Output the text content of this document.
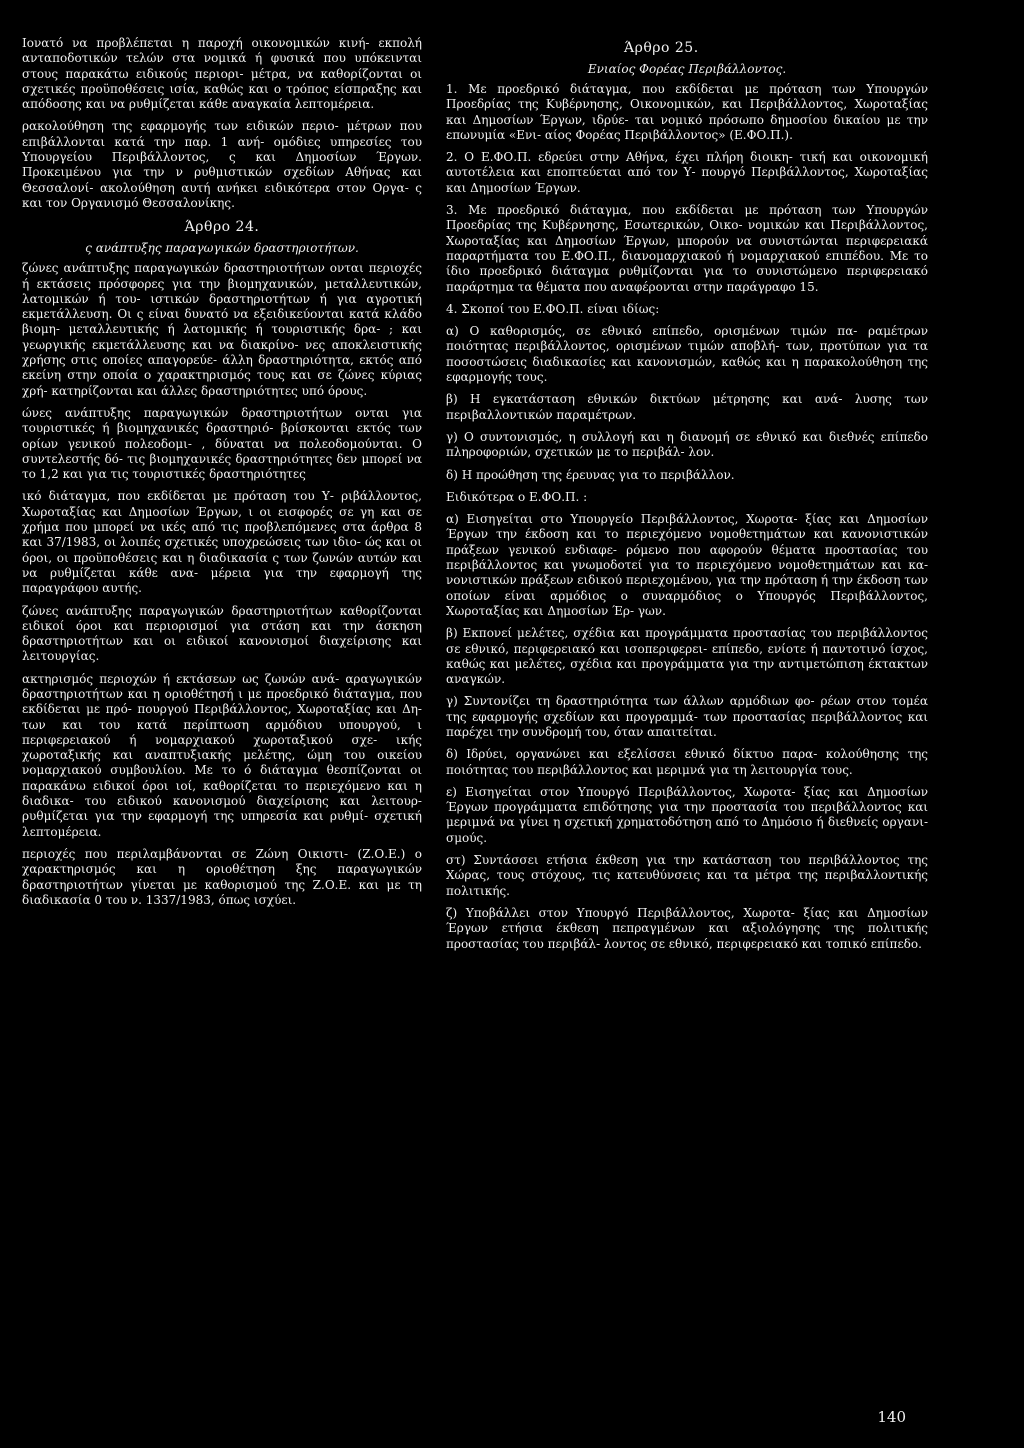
Ιονατό να προβλέπεται η παροχή οικονομικών κινή- εκπολή ανταποδοτικών τελών στα νομικά ή φυσικά που υπόκεινται στους παρακάτω ειδικούς περιορι- μέτρα, να καθορίζονται οι σχετικές προϋποθέσεις ισία, καθώς και ο τρόπος είσπραξης και απόδοσης και να ρυθμίζεται κάθε αναγκαία λεπτομέρεια.

ρακολούθηση της εφαρμογής των ειδικών περιο- μέτρων που επιβάλλονται κατά την παρ. 1 ανή- ομόδιες υπηρεσίες του Υπουργείου Περιβάλλοντος, ς και Δημοσίων Έργων. Προκειμένου για την ν ρυθμιστικών σχεδίων Αθήνας και Θεσσαλονί- ακολούθηση αυτή ανήκει ειδικότερα στον Οργα- ς και τον Οργανισμό Θεσσαλονίκης.

Άρθρο 24.
ς ανάπτυξης παραγωγικών δραστηριοτήτων.

ζώνες ανάπτυξης παραγωγικών δραστηριοτήτων ονται περιοχές ή εκτάσεις πρόσφορες για την βιομηχανικών, μεταλλευτικών, λατομικών ή του- ιστικών δραστηριοτήτων ή για αγροτική εκμετάλλευση. Οι ς είναι δυνατό να εξειδικεύονται κατά κλάδο βιομη- μεταλλευτικής ή λατομικής ή τουριστικής δρα- ; και γεωργικής εκμετάλλευσης και να διακρίνο- νες αποκλειστικής χρήσης στις οποίες απαγορεύε- άλλη δραστηριότητα, εκτός από εκείνη στην οποία ο χαρακτηρισμός τους και σε ζώνες κύριας χρή- κατηρίζονται και άλλες δραστηριότητες υπό όρους.

ώνες ανάπτυξης παραγωγικών δραστηριοτήτων ονται για τουριστικές ή βιομηχανικές δραστηριό- βρίσκονται εκτός των ορίων γενικού πολεοδομι- , δύναται να πολεοδομούνται. Ο συντελεστής δό- τις βιομηχανικές δραστηριότητες δεν μπορεί να το 1,2 και για τις τουριστικές δραστηριότητες

ικό διάταγμα, που εκδίδεται με πρόταση του Υ- ριβάλλοντος, Χωροταξίας και Δημοσίων Έργων, ι οι εισφορές σε γη και σε χρήμα που μπορεί να ικές από τις προβλεπόμενες στα άρθρα 8 και 37/1983, οι λοιπές σχετικές υποχρεώσεις των ιδιο- ώς και οι όροι, οι προϋποθέσεις και η διαδικασία ς των ζωνών αυτών και να ρυθμίζεται κάθε ανα- μέρεια για την εφαρμογή της παραγράφου αυτής.

ζώνες ανάπτυξης παραγωγικών δραστηριοτήτων καθορίζονται ειδικοί όροι και περιορισμοί για στάση και την άσκηση δραστηριοτήτων και οι ειδικοί κανονισμοί διαχείρισης και λειτουργίας.

ακτηρισμός περιοχών ή εκτάσεων ως ζωνών ανά- αραγωγικών δραστηριοτήτων και η οριοθέτησή ι με προεδρικό διάταγμα, που εκδίδεται με πρό- πουργού Περιβάλλοντος, Χωροταξίας και Δη- των και του κατά περίπτωση αρμόδιου υπουργού, ι περιφερειακού ή νομαρχιακού χωροταξικού σχε- ικής χωροταξικής και αναπτυξιακής μελέτης, ώμη του οικείου νομαρχιακού συμβουλίου. Με το ό διάταγμα θεσπίζονται οι παρακάνω ειδικοί όροι ιοί, καθορίζεται το περιεχόμενο και η διαδικα- του ειδικού κανονισμού διαχείρισης και λειτουρ- ρυθμίζεται για την εφαρμογή της υπηρεσία και ρυθμί- σχετική λεπτομέρεια.

περιοχές που περιλαμβάνονται σε Ζώνη Οικιστι- (Ζ.Ο.Ε.) ο χαρακτηρισμός και η οριοθέτηση ξης παραγωγικών δραστηριοτήτων γίνεται με καθορισμού της Ζ.Ο.Ε. και με τη διαδικασία 0 του ν. 1337/1983, όπως ισχύει.

Άρθρο 25.
Ενιαίος Φορέας Περιβάλλοντος.

1. Με προεδρικό διάταγμα, που εκδίδεται με πρόταση των Υπουργών Προεδρίας της Κυβέρνησης, Οικονομικών, και Περιβάλλοντος, Χωροταξίας και Δημοσίων Έργων, ιδρύε- ται νομικό πρόσωπο δημοσίου δικαίου με την επωνυμία «Ενι- αίος Φορέας Περιβάλλοντος» (Ε.ΦΟ.Π.).

2. Ο Ε.ΦΟ.Π. εδρεύει στην Αθήνα, έχει πλήρη διοικη- τική και οικονομική αυτοτέλεια και εποπτεύεται από τον Υ- πουργό Περιβάλλοντος, Χωροταξίας και Δημοσίων Έργων.

3. Με προεδρικό διάταγμα, που εκδίδεται με πρόταση των Υπουργών Προεδρίας της Κυβέρνησης, Εσωτερικών, Οικο- νομικών και Περιβάλλοντος, Χωροταξίας και Δημοσίων Έργων, μπορούν να συνιστώνται περιφερειακά παραρτήματα του Ε.ΦΟ.Π., διανομαρχιακού ή νομαρχιακού επιπέδου. Με το ίδιο προεδρικό διάταγμα ρυθμίζονται για το συνιστώμενο περιφερειακό παράρτημα τα θέματα που αναφέρονται στην παράγραφο 15.

4. Σκοποί του Ε.ΦΟ.Π. είναι ιδίως:

α) Ο καθορισμός, σε εθνικό επίπεδο, ορισμένων τιμών πα- ραμέτρων ποιότητας περιβάλλοντος, ορισμένων τιμών αποβλή- των, προτύπων για τα ποσοστώσεις διαδικασίες και κανονισμών, καθώς και η παρακολούθηση της εφαρμογής τους.

β) Η εγκατάσταση εθνικών δικτύων μέτρησης και ανά- λυσης των περιβαλλοντικών παραμέτρων.

γ) Ο συντονισμός, η συλλογή και η διανομή σε εθνικό και διεθνές επίπεδο πληροφοριών, σχετικών με το περιβάλ- λον.

δ) Η προώθηση της έρευνας για το περιβάλλον.

Ειδικότερα ο Ε.ΦΟ.Π. :

α) Εισηγείται στο Υπουργείο Περιβάλλοντος, Χωροτα- ξίας και Δημοσίων Έργων την έκδοση και το περιεχόμενο νομοθετημάτων και κανονιστικών πράξεων γενικού ενδιαφε- ρόμενο που αφορούν θέματα προστασίας του περιβάλλοντος και γνωμοδοτεί για το περιεχόμενο νομοθετημάτων και κα- νονιστικών πράξεων ειδικού περιεχομένου, για την πρόταση ή την έκδοση των οποίων είναι αρμόδιος ο συναρμόδιος ο Υπουργός Περιβάλλοντος, Χωροταξίας και Δημοσίων Έρ- γων.

β) Εκπονεί μελέτες, σχέδια και προγράμματα προστασίας του περιβάλλοντος σε εθνικό, περιφερειακό και ισοπεριφερει- επίπεδο, ενίοτε ή παντοτινό ίσχος, καθώς και μελέτες, σχέδια και προγράμματα για την αντιμετώπιση έκτακτων αναγκών.

γ) Συντονίζει τη δραστηριότητα των άλλων αρμόδιων φο- ρέων στον τομέα της εφαρμογής σχεδίων και προγραμμά- των προστασίας περιβάλλοντος και παρέχει την συνδρομή του, όταν απαιτείται.

δ) Ιδρύει, οργανώνει και εξελίσσει εθνικό δίκτυο παρα- κολούθησης της ποιότητας του περιβάλλοντος και μεριμνά για τη λειτουργία τους.

ε) Εισηγείται στον Υπουργό Περιβάλλοντος, Χωροτα- ξίας και Δημοσίων Έργων προγράμματα επιδότησης για την προστασία του περιβάλλοντος και μεριμνά να γίνει η σχετική χρηματοδότηση από το Δημόσιο ή διεθνείς οργανι- σμούς.

στ) Συντάσσει ετήσια έκθεση για την κατάσταση του περιβάλλοντος της Χώρας, τους στόχους, τις κατευθύνσεις και τα μέτρα της περιβαλλοντικής πολιτικής.

ζ) Υποβάλλει στον Υπουργό Περιβάλλοντος, Χωροτα- ξίας και Δημοσίων Έργων ετήσια έκθεση πεπραγμένων και αξιολόγησης της πολιτικής προστασίας του περιβάλ- λοντος σε εθνικό, περιφερειακό και τοπικό επίπεδο.

140
